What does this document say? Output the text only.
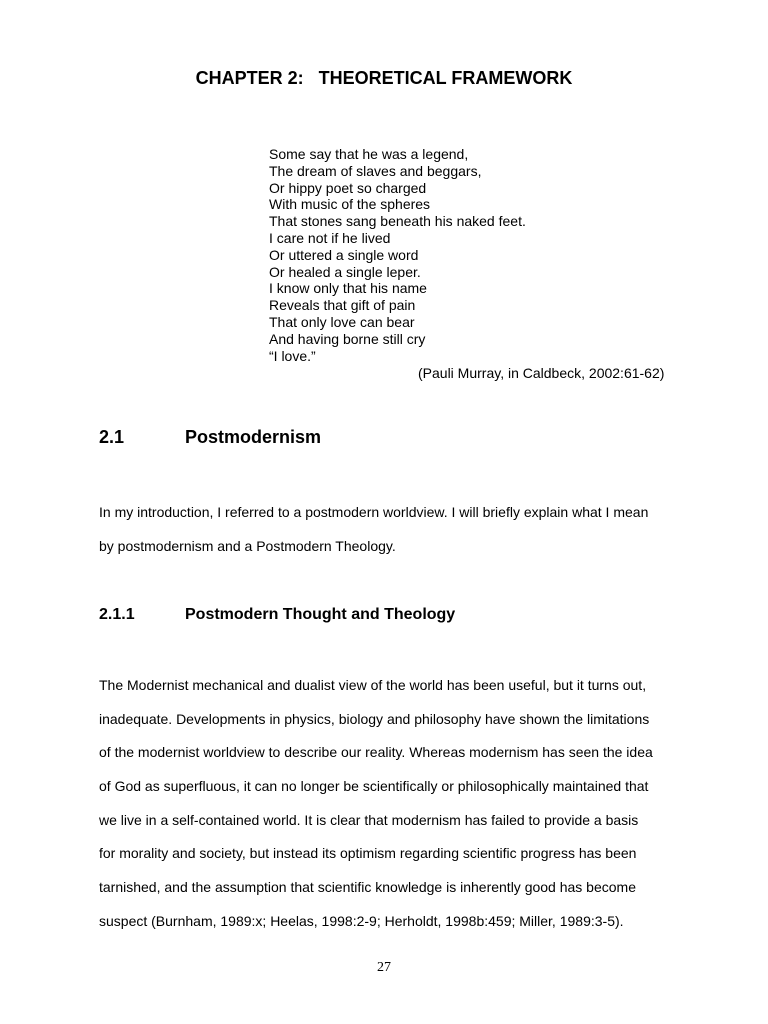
CHAPTER 2:   THEORETICAL FRAMEWORK
Some say that he was a legend,
The dream of slaves and beggars,
Or hippy poet so charged
With music of the spheres
That stones sang beneath his naked feet.
I care not if he lived
Or uttered a single word
Or healed a single leper.
I know only that his name
Reveals that gift of pain
That only love can bear
And having borne still cry
“I love.”
(Pauli Murray, in Caldbeck, 2002:61-62)
2.1	Postmodernism
In my introduction, I referred to a postmodern worldview. I will briefly explain what I mean
by postmodernism and a Postmodern Theology.
2.1.1	Postmodern Thought and Theology
The Modernist mechanical and dualist view of the world has been useful, but it turns out,
inadequate. Developments in physics, biology and philosophy have shown the limitations
of the modernist worldview to describe our reality. Whereas modernism has seen the idea
of God as superfluous, it can no longer be scientifically or philosophically maintained that
we live in a self-contained world. It is clear that modernism has failed to provide a basis
for morality and society, but instead its optimism regarding scientific progress has been
tarnished, and the assumption that scientific knowledge is inherently good has become
suspect (Burnham, 1989:x; Heelas, 1998:2-9; Herholdt, 1998b:459; Miller, 1989:3-5).
27
